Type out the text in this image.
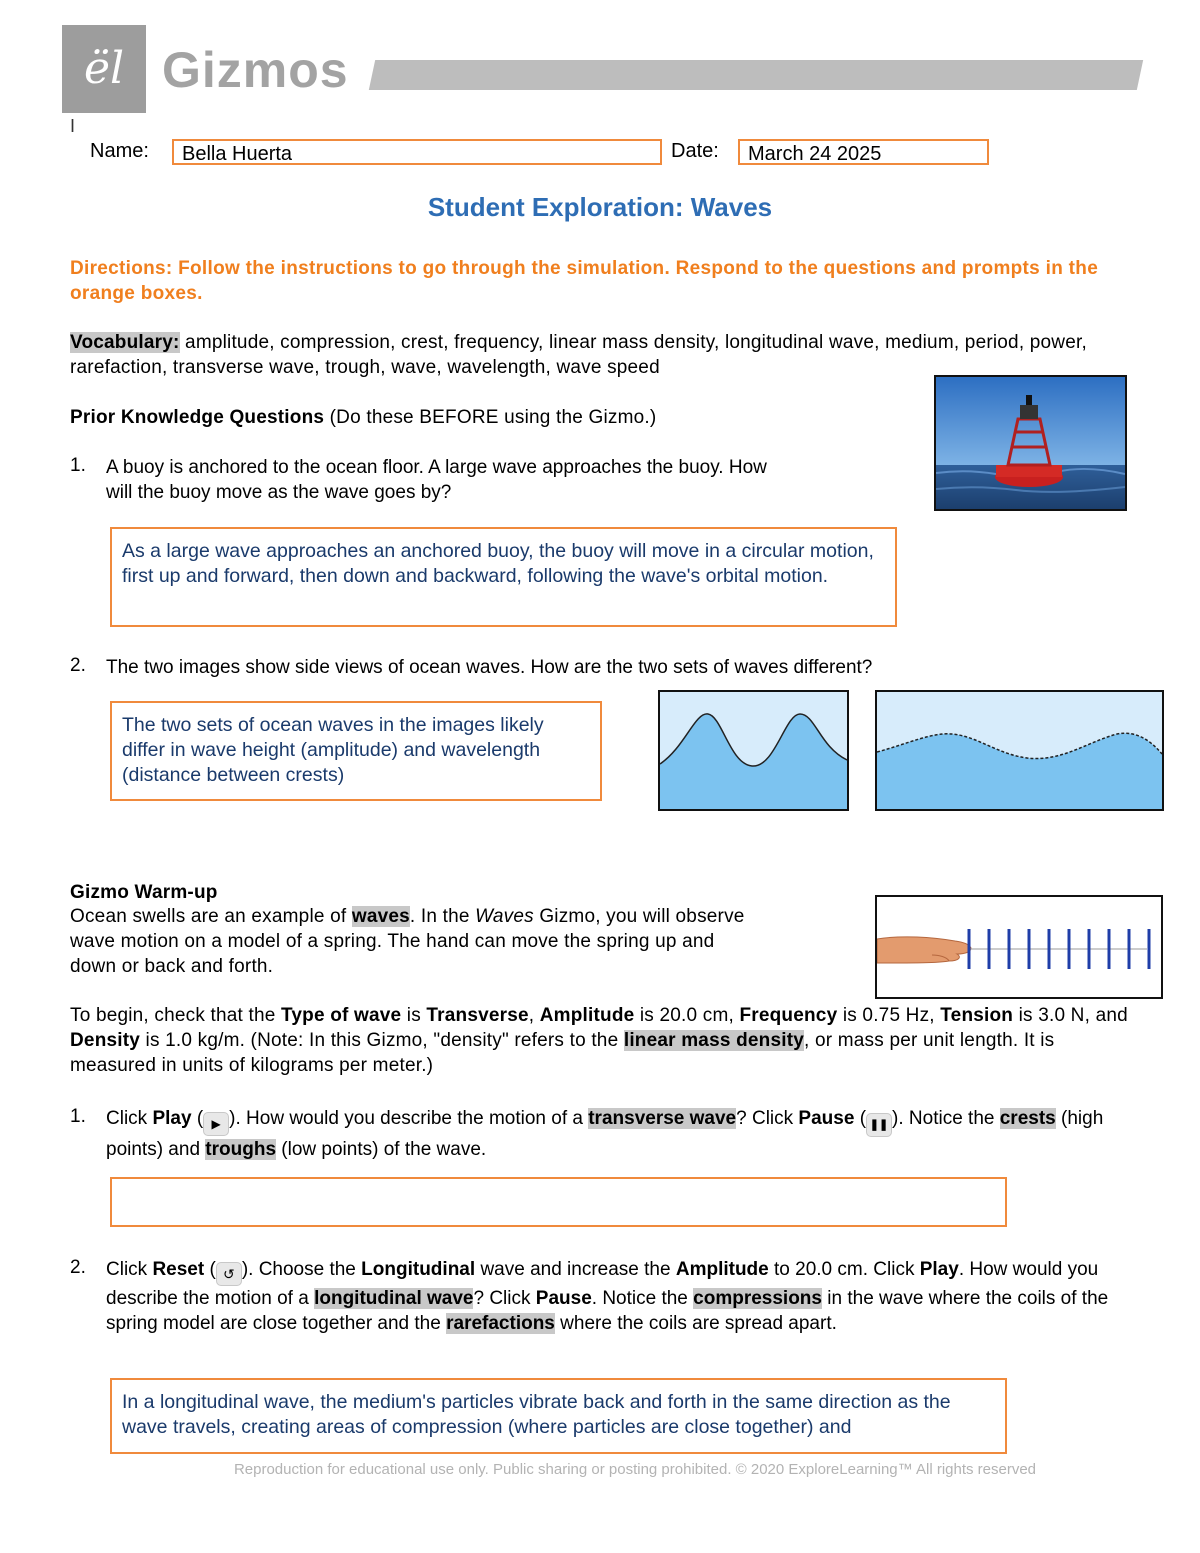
ël Gizmos
I
Name:	Bella Huerta	Date:	March 24 2025
Student Exploration: Waves
Directions: Follow the instructions to go through the simulation. Respond to the questions and prompts in the orange boxes.
Vocabulary: amplitude, compression, crest, frequency, linear mass density, longitudinal wave, medium, period, power, rarefaction, transverse wave, trough, wave, wavelength, wave speed
Prior Knowledge Questions (Do these BEFORE using the Gizmo.)
1. A buoy is anchored to the ocean floor. A large wave approaches the buoy. How
will the buoy move as the wave goes by?
As a large wave approaches an anchored buoy, the buoy will move in a circular motion, first up and forward, then down and backward, following the wave's orbital motion.
2. The two images show side views of ocean waves. How are the two sets of waves different?
The two sets of ocean waves in the images likely differ in wave height (amplitude) and wavelength (distance between crests)
Gizmo Warm-up
Ocean swells are an example of waves. In the Waves Gizmo, you will observe
wave motion on a model of a spring. The hand can move the spring up and
down or back and forth.
To begin, check that the Type of wave is Transverse, Amplitude is 20.0 cm, Frequency is 0.75 Hz, Tension is 3.0 N, and Density is 1.0 kg/m. (Note: In this Gizmo, "density" refers to the linear mass density, or mass per unit length. It is measured in units of kilograms per meter.)
1. Click Play ( ▶ ). How would you describe the motion of a transverse wave? Click Pause ( ❚❚ ). Notice the crests (high points) and troughs (low points) of the wave.
2. Click Reset ( ↺ ). Choose the Longitudinal wave and increase the Amplitude to 20.0 cm. Click Play. How would you describe the motion of a longitudinal wave? Click Pause. Notice the compressions in the wave where the coils of the spring model are close together and the rarefactions where the coils are spread apart.
In a longitudinal wave, the medium's particles vibrate back and forth in the same direction as the wave travels, creating areas of compression (where particles are close together) and
Reproduction for educational use only. Public sharing or posting prohibited. © 2020 ExploreLearning™ All rights reserved
